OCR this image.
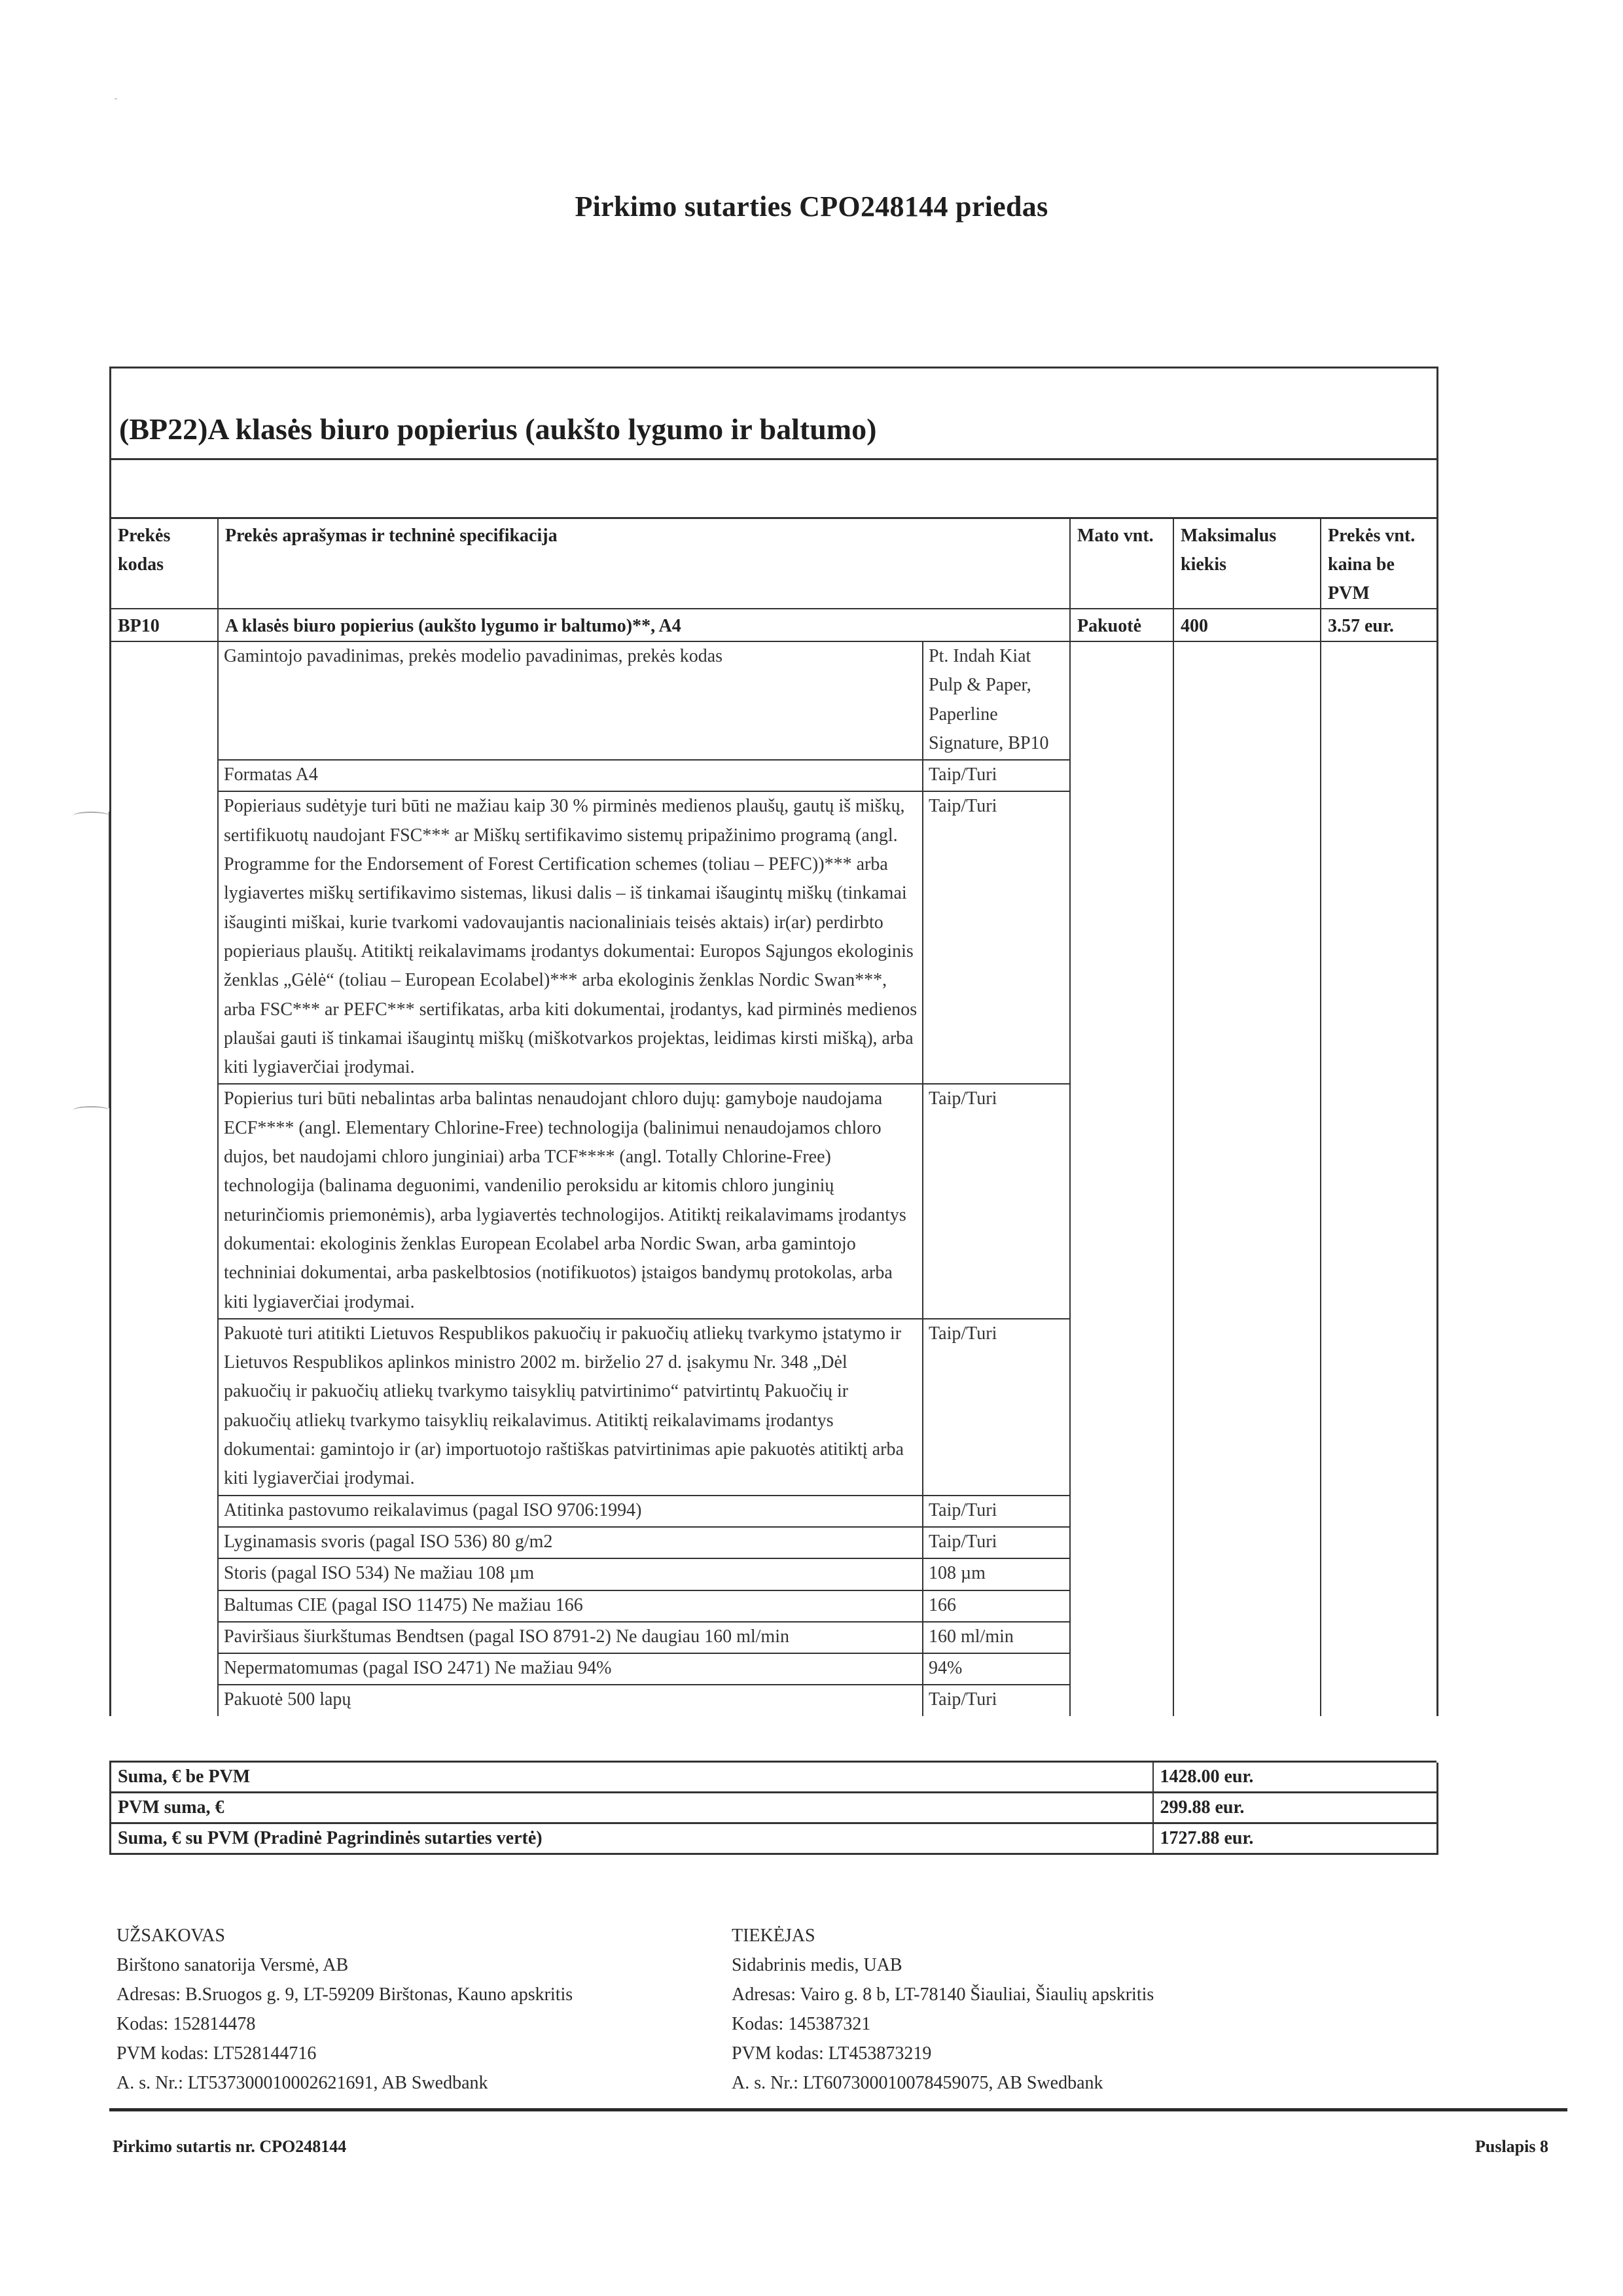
Pirkimo sutarties CPO248144 priedas
(BP22)A klasės biuro popierius (aukšto lygumo ir baltumo)
Prekės kodas	Prekės aprašymas ir techninė specifikacija	Mato vnt.	Maksimalus kiekis	Prekės vnt. kaina be PVM
BP10	A klasės biuro popierius (aukšto lygumo ir baltumo)**, A4	Pakuotė	400	3.57 eur.

Gamintojo pavadinimas, prekės modelio pavadinimas, prekės kodas	Pt. Indah Kiat Pulp & Paper, Paperline Signature, BP10
Formatas A4	Taip/Turi
Popieriaus sudėtyje turi būti ne mažiau kaip 30 % pirminės medienos plaušų, gautų iš miškų, sertifikuotų naudojant FSC*** ar Miškų sertifikavimo sistemų pripažinimo programą (angl. Programme for the Endorsement of Forest Certification schemes (toliau – PEFC))*** arba lygiavertes miškų sertifikavimo sistemas, likusi dalis – iš tinkamai išaugintų miškų (tinkamai išauginti miškai, kurie tvarkomi vadovaujantis nacionaliniais teisės aktais) ir(ar) perdirbto popieriaus plaušų. Atitiktį reikalavimams įrodantys dokumentai: Europos Sąjungos ekologinis ženklas „Gėlė“ (toliau – European Ecolabel)*** arba ekologinis ženklas Nordic Swan***, arba FSC*** ar PEFC*** sertifikatas, arba kiti dokumentai, įrodantys, kad pirminės medienos plaušai gauti iš tinkamai išaugintų miškų (miškotvarkos projektas, leidimas kirsti mišką), arba kiti lygiaverčiai įrodymai.	Taip/Turi
Popierius turi būti nebalintas arba balintas nenaudojant chloro dujų: gamyboje naudojama ECF**** (angl. Elementary Chlorine-Free) technologija (balinimui nenaudojamos chloro dujos, bet naudojami chloro junginiai) arba TCF**** (angl. Totally Chlorine-Free) technologija (balinama deguonimi, vandenilio peroksidu ar kitomis chloro junginių neturinčiomis priemonėmis), arba lygiavertės technologijos. Atitiktį reikalavimams įrodantys dokumentai: ekologinis ženklas European Ecolabel arba Nordic Swan, arba gamintojo techniniai dokumentai, arba paskelbtosios (notifikuotos) įstaigos bandymų protokolas, arba kiti lygiaverčiai įrodymai.	Taip/Turi
Pakuotė turi atitikti Lietuvos Respublikos pakuočių ir pakuočių atliekų tvarkymo įstatymo ir Lietuvos Respublikos aplinkos ministro 2002 m. birželio 27 d. įsakymu Nr. 348 „Dėl pakuočių ir pakuočių atliekų tvarkymo taisyklių patvirtinimo“ patvirtintų Pakuočių ir pakuočių atliekų tvarkymo taisyklių reikalavimus. Atitiktį reikalavimams įrodantys dokumentai: gamintojo ir (ar) importuotojo raštiškas patvirtinimas apie pakuotės atitiktį arba kiti lygiaverčiai įrodymai.	Taip/Turi
Atitinka pastovumo reikalavimus (pagal ISO 9706:1994)	Taip/Turi
Lyginamasis svoris (pagal ISO 536) 80 g/m2	Taip/Turi
Storis (pagal ISO 534) Ne mažiau 108 µm	108 µm
Baltumas CIE (pagal ISO 11475) Ne mažiau 166	166
Paviršiaus šiurkštumas Bendtsen (pagal ISO 8791-2) Ne daugiau 160 ml/min	160 ml/min
Nepermatomumas (pagal ISO 2471) Ne mažiau 94%	94%
Pakuotė 500 lapų	Taip/Turi

Suma, € be PVM	1428.00 eur.
PVM suma, €	299.88 eur.
Suma, € su PVM (Pradinė Pagrindinės sutarties vertė)	1727.88 eur.
UŽSAKOVAS
Birštono sanatorija Versmė, AB
Adresas: B.Sruogos g. 9, LT-59209 Birštonas, Kauno apskritis
Kodas: 152814478
PVM kodas: LT528144716
A. s. Nr.: LT537300010002621691, AB Swedbank
TIEKĖJAS
Sidabrinis medis, UAB
Adresas: Vairo g. 8 b, LT-78140 Šiauliai, Šiaulių apskritis
Kodas: 145387321
PVM kodas: LT453873219
A. s. Nr.: LT607300010078459075, AB Swedbank
Pirkimo sutartis nr. CPO248144	Puslapis 8
